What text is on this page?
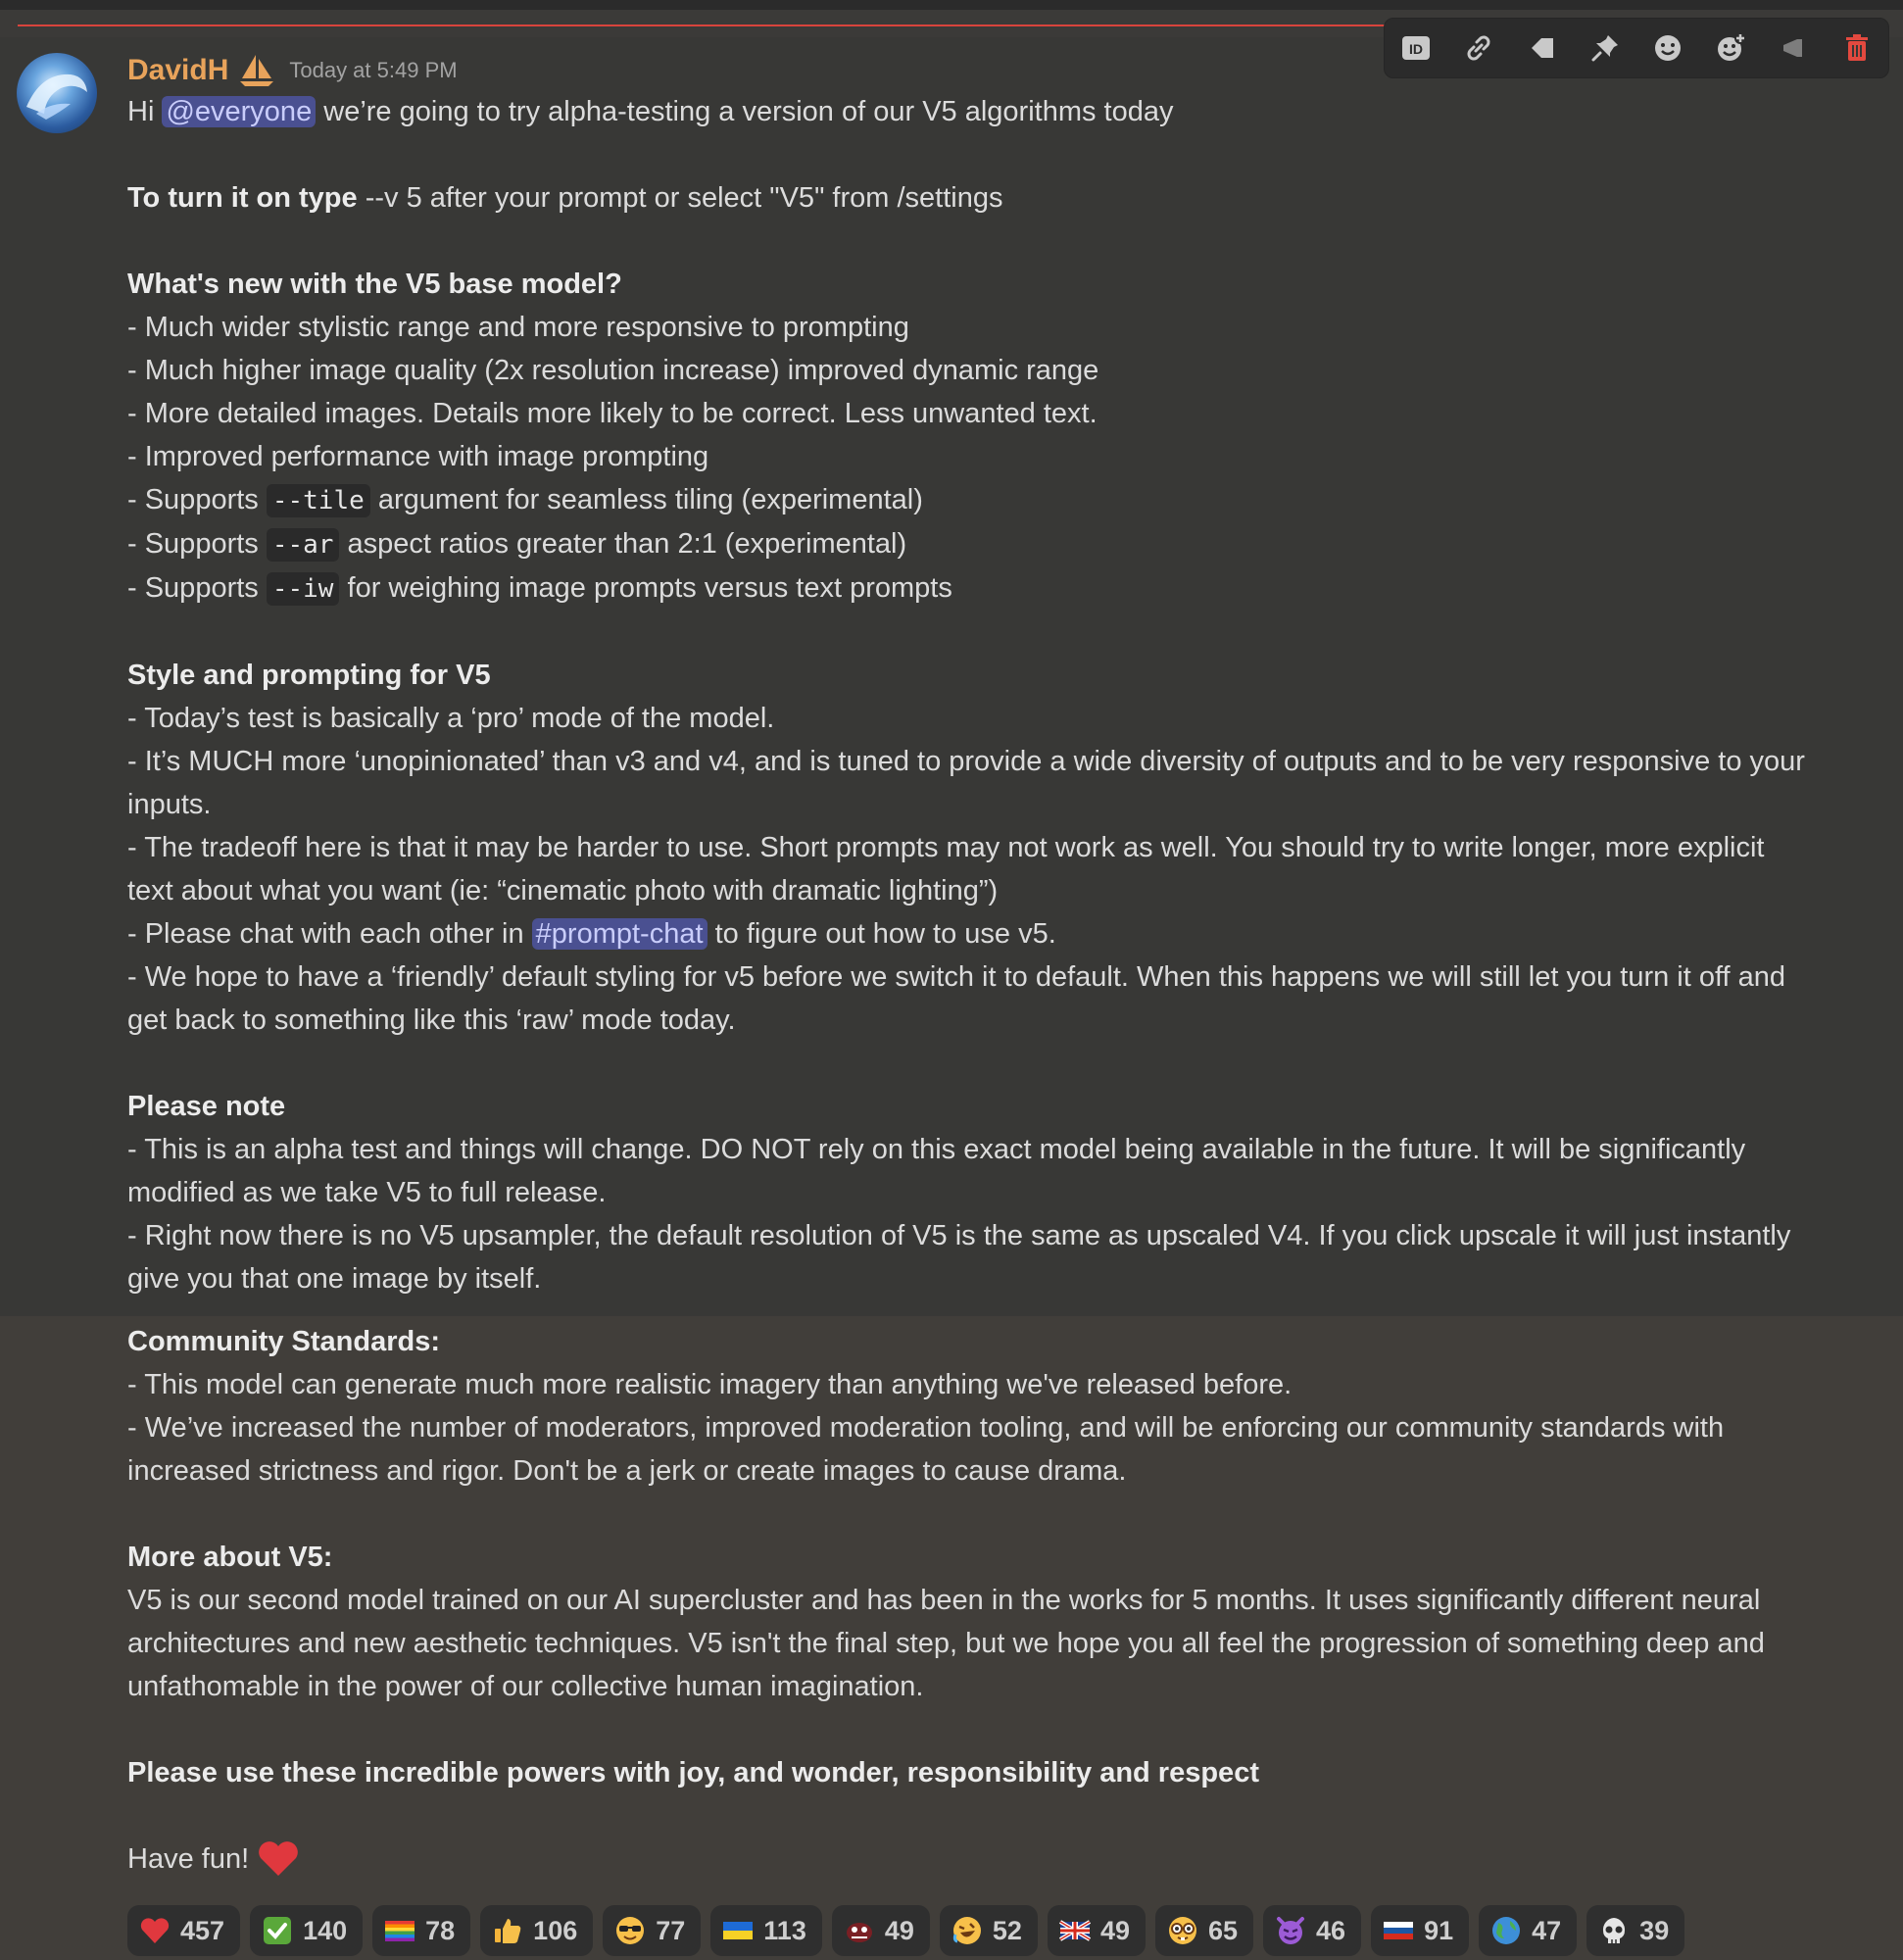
ID
DavidH	Today at 5:49 PM

Hi @everyone we’re going to try alpha-testing a version of our V5 algorithms today

To turn it on type --v 5 after your prompt or select "V5" from /settings

What's new with the V5 base model?

- Much wider stylistic range and more responsive to prompting

- Much higher image quality (2x resolution increase) improved dynamic range

- More detailed images. Details more likely to be correct. Less unwanted text.

- Improved performance with image prompting

- Supports --tile argument for seamless tiling (experimental)

- Supports --ar aspect ratios greater than 2:1 (experimental)

- Supports --iw for weighing image prompts versus text prompts

Style and prompting for V5

- Today’s test is basically a ‘pro’ mode of the model.

- It’s MUCH more ‘unopinionated’ than v3 and v4, and is tuned to provide a wide diversity of outputs and to be very responsive to your inputs.

- The tradeoff here is that it may be harder to use. Short prompts may not work as well. You should try to write longer, more explicit text about what you want (ie: “cinematic photo with dramatic lighting”)

- Please chat with each other in #prompt-chat to figure out how to use v5.

- We hope to have a ‘friendly’ default styling for v5 before we switch it to default. When this happens we will still let you turn it off and get back to something like this ‘raw’ mode today.

Please note

- This is an alpha test and things will change. DO NOT rely on this exact model being available in the future. It will be significantly modified as we take V5 to full release.

- Right now there is no V5 upsampler, the default resolution of V5 is the same as upscaled V4. If you click upscale it will just instantly give you that one image by itself.

Community Standards:

- This model can generate much more realistic imagery than anything we've released before.

- We’ve increased the number of moderators, improved moderation tooling, and will be enforcing our community standards with increased strictness and rigor. Don't be a jerk or create images to cause drama.

More about V5:

V5 is our second model trained on our AI supercluster and has been in the works for 5 months. It uses significantly different neural architectures and new aesthetic techniques. V5 isn't the final step, but we hope you all feel the progression of something deep and unfathomable in the power of our collective human imagination.

Please use these incredible powers with joy, and wonder, responsibility and respect

Have fun!

457	140	78	106	77	113	49	52	49	65	46	91	47	39
